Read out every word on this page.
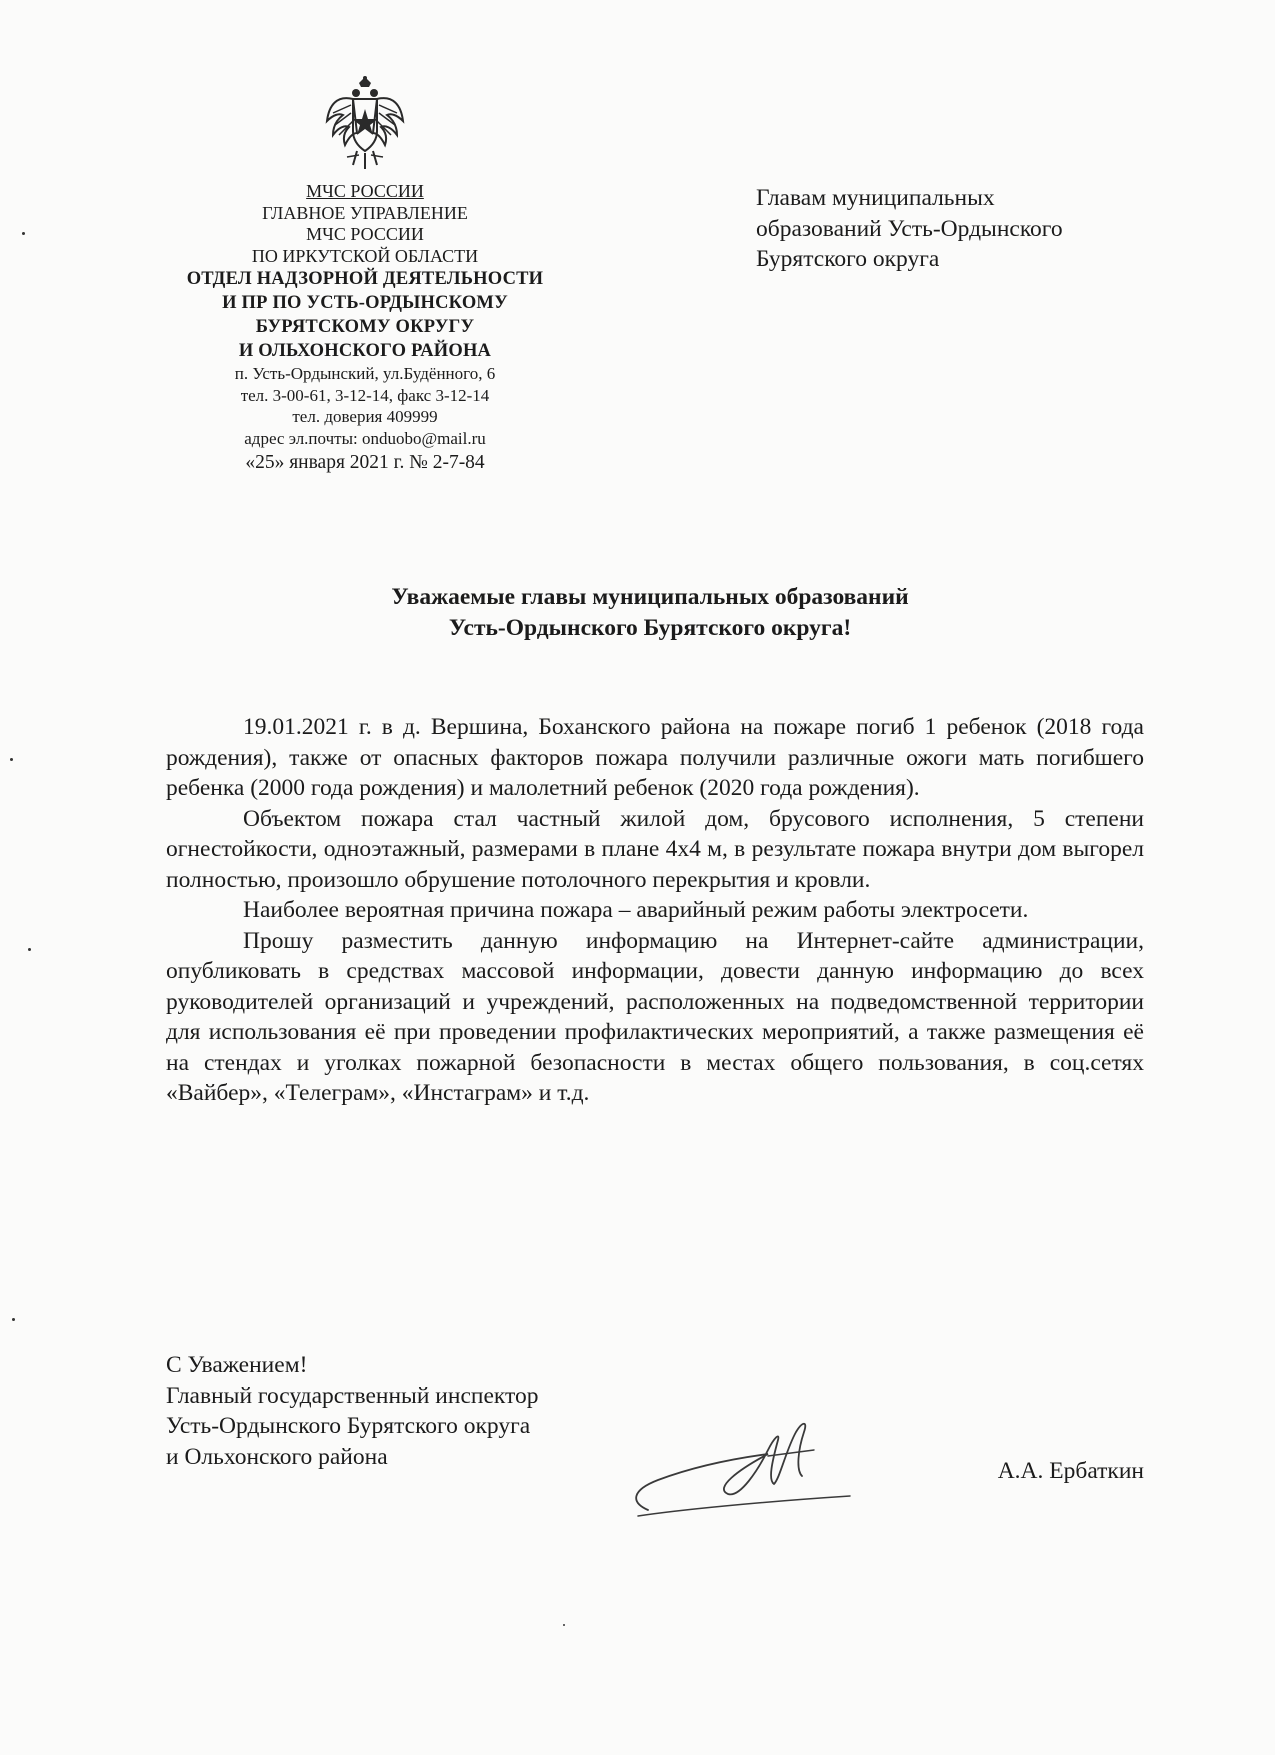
МЧС РОССИИ
ГЛАВНОЕ УПРАВЛЕНИЕ
МЧС РОССИИ
ПО ИРКУТСКОЙ ОБЛАСТИ
ОТДЕЛ НАДЗОРНОЙ ДЕЯТЕЛЬНОСТИ
И ПР ПО УСТЬ-ОРДЫНСКОМУ
БУРЯТСКОМУ ОКРУГУ
И ОЛЬХОНСКОГО РАЙОНА
п. Усть-Ордынский, ул.Будённого, 6
тел. 3-00-61, 3-12-14, факс 3-12-14
тел. доверия 409999
адрес эл.почты: onduobo@mail.ru
«25» января 2021 г. № 2-7-84
Главам муниципальных
образований Усть-Ордынского
Бурятского округа
Уважаемые главы муниципальных образований
Усть-Ордынского Бурятского округа!

19.01.2021 г. в д. Вершина, Боханского района на пожаре погиб 1 ребенок (2018 года рождения), также от опасных факторов пожара получили различные ожоги мать погибшего ребенка (2000 года рождения) и малолетний ребенок (2020 года рождения).

Объектом пожара стал частный жилой дом, брусового исполнения, 5 степени огнестойкости, одноэтажный, размерами в плане 4х4 м, в результате пожара внутри дом выгорел полностью, произошло обрушение потолочного перекрытия и кровли.

Наиболее вероятная причина пожара – аварийный режим работы электросети.

Прошу разместить данную информацию на Интернет-сайте администрации, опубликовать в средствах массовой информации, довести данную информацию до всех руководителей организаций и учреждений, расположенных на подведомственной территории для использования её при проведении профилактических мероприятий, а также размещения её на стендах и уголках пожарной безопасности в местах общего пользования, в соц.сетях «Вайбер», «Телеграм», «Инстаграм» и т.д.

С Уважением!
Главный государственный инспектор
Усть-Ордынского Бурятского округа
и Ольхонского района
А.А. Ербаткин
